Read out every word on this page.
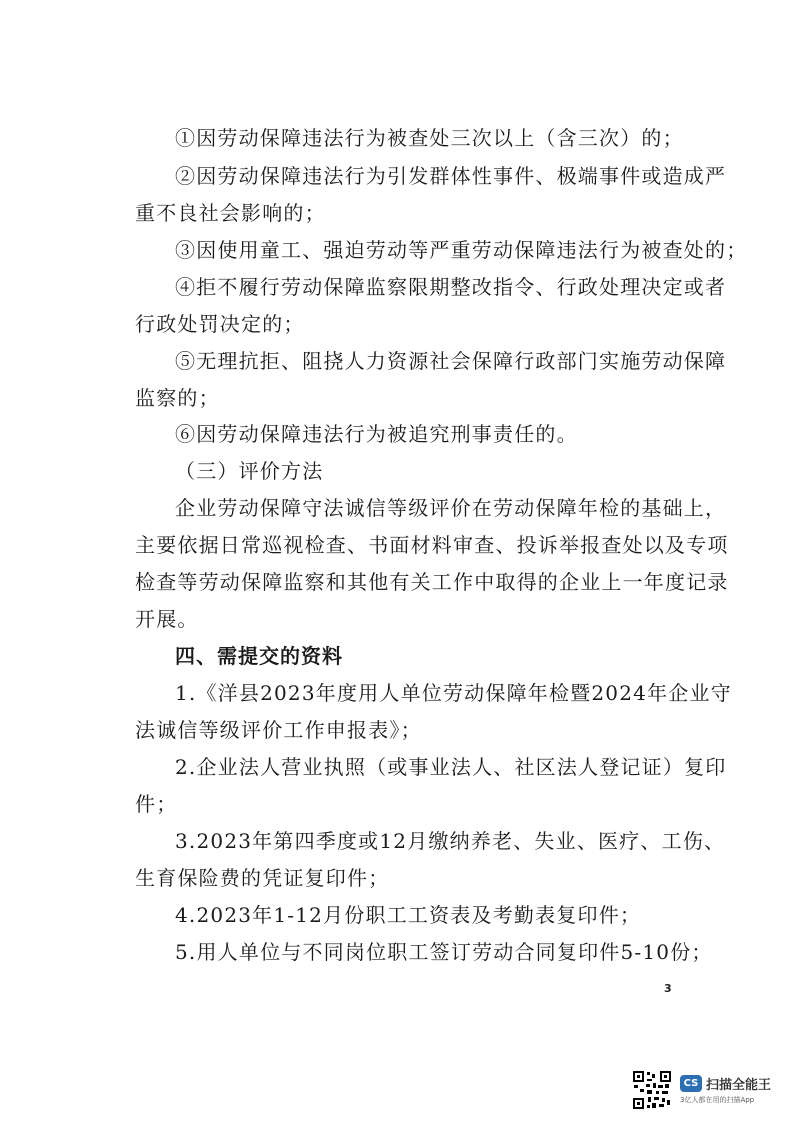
①因劳动保障违法行为被查处三次以上（含三次）的；
②因劳动保障违法行为引发群体性事件、极端事件或造成严
重不良社会影响的；
③因使用童工、强迫劳动等严重劳动保障违法行为被查处的；
④拒不履行劳动保障监察限期整改指令、行政处理决定或者
行政处罚决定的；
⑤无理抗拒、阻挠人力资源社会保障行政部门实施劳动保障
监察的；
⑥因劳动保障违法行为被追究刑事责任的。
（三）评价方法
企业劳动保障守法诚信等级评价在劳动保障年检的基础上，
主要依据日常巡视检查、书面材料审查、投诉举报查处以及专项
检查等劳动保障监察和其他有关工作中取得的企业上一年度记录
开展。
四、需提交的资料
1.《洋县2023年度用人单位劳动保障年检暨2024年企业守
法诚信等级评价工作申报表》；
2.企业法人营业执照（或事业法人、社区法人登记证）复印
件；
3.2023年第四季度或12月缴纳养老、失业、医疗、工伤、
生育保险费的凭证复印件；
4.2023年1-12月份职工工资表及考勤表复印件；
5.用人单位与不同岗位职工签订劳动合同复印件5-10份；
3
CS 扫描全能王
3亿人都在用的扫描App
